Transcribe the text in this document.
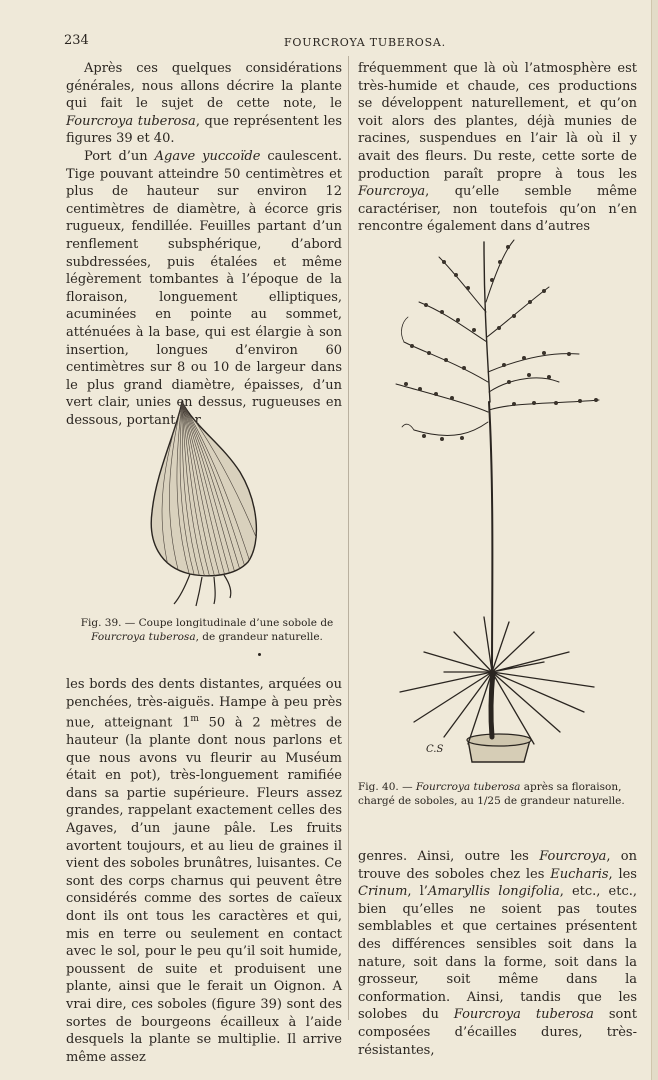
234	FOURCROYA TUBEROSA.

Après ces quelques considérations générales, nous allons décrire la plante qui fait le sujet de cette note, le Fourcroya tuberosa, que représentent les figures 39 et 40.

Port d’un Agave yuccoïde caulescent. Tige pouvant atteindre 50 centimètres et plus de hauteur sur environ 12 centimètres de diamètre, à écorce gris rugueux, fendillée. Feuilles partant d’un renflement subsphérique, d’abord subdressées, puis étalées et même légèrement tombantes à l’époque de la floraison, longuement elliptiques, acuminées en pointe au sommet, atténuées à la base, qui est élargie à son insertion, longues d’environ 60 centimètres sur 8 ou 10 de largeur dans le plus grand diamètre, épaisses, d’un vert clair, unies en dessus, rugueuses en dessous, portant sur

Fig. 39. — Coupe longitudinale d’une sobole de Fourcroya tuberosa, de grandeur naturelle.

les bords des dents distantes, arquées ou penchées, très-aiguës. Hampe à peu près nue, atteignant 1$^m$ 50 à 2 mètres de hauteur (la plante dont nous parlons et que nous avons vu fleurir au Muséum était en pot), très-longuement ramifiée dans sa partie supérieure. Fleurs assez grandes, rappelant exactement celles des Agaves, d’un jaune pâle. Les fruits avortent toujours, et au lieu de graines il vient des soboles brunâtres, luisantes. Ce sont des corps charnus qui peuvent être considérés comme des sortes de caïeux dont ils ont tous les caractères et qui, mis en terre ou seulement en contact avec le sol, pour le peu qu’il soit humide, poussent de suite et produisent une plante, ainsi que le ferait un Oignon. A vrai dire, ces soboles (figure 39) sont des sortes de bourgeons écailleux à l’aide desquels la plante se multiplie. Il arrive même assez

fréquemment que là où l’atmosphère est très-humide et chaude, ces productions se développent naturellement, et qu’on voit alors des plantes, déjà munies de racines, suspendues en l’air là où il y avait des fleurs. Du reste, cette sorte de production paraît propre à tous les Fourcroya, qu’elle semble même caractériser, non toutefois qu’on n’en rencontre également dans d’autres

C.S
Fig. 40. — Fourcroya tuberosa après sa floraison, chargé de soboles, au 1/25 de grandeur naturelle.

genres. Ainsi, outre les Fourcroya, on trouve des soboles chez les Eucharis, les Crinum, l’Amaryllis longifolia, etc., etc., bien qu’elles ne soient pas toutes semblables et que certaines présentent des différences sensibles soit dans la nature, soit dans la forme, soit dans la grosseur, soit même dans la conformation. Ainsi, tandis que les solobes du Fourcroya tuberosa sont composées d’écailles dures, très-résistantes,
